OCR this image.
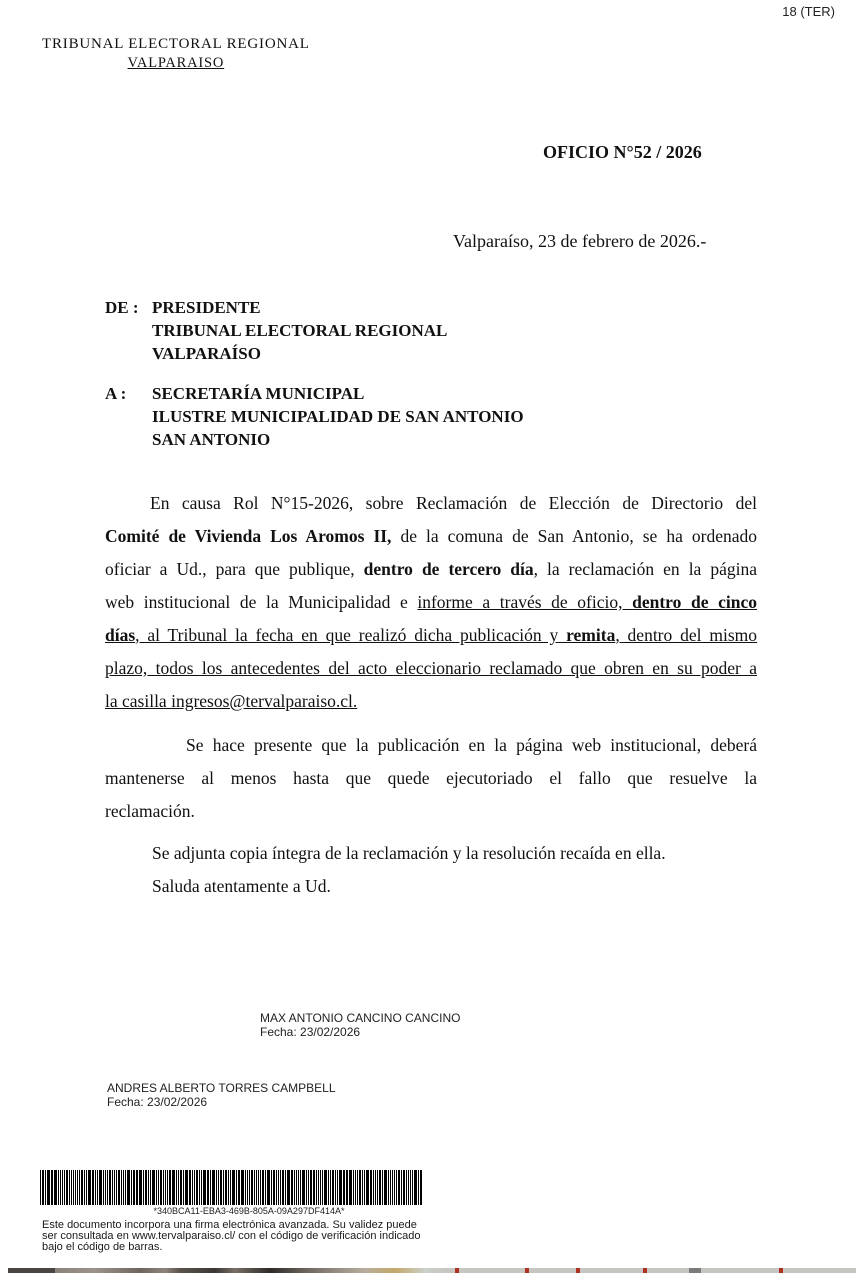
18 (TER)
TRIBUNAL ELECTORAL REGIONAL
VALPARAISO
OFICIO N°52 / 2026
Valparaíso, 23 de febrero de 2026.-
DE : PRESIDENTE
TRIBUNAL ELECTORAL REGIONAL
VALPARAÍSO
A : SECRETARÍA MUNICIPAL
ILUSTRE MUNICIPALIDAD DE SAN ANTONIO
SAN ANTONIO
En causa Rol N°15-2026, sobre Reclamación de Elección de Directorio del
Comité de Vivienda Los Aromos II, de la comuna de San Antonio, se ha ordenado
oficiar a Ud., para que publique, dentro de tercero día, la reclamación en la página
web institucional de la Municipalidad e informe a través de oficio, dentro de cinco
días, al Tribunal la fecha en que realizó dicha publicación y remita, dentro del mismo
plazo, todos los antecedentes del acto eleccionario reclamado que obren en su poder a
la casilla ingresos@tervalparaiso.cl.
Se hace presente que la publicación en la página web institucional, deberá
mantenerse al menos hasta que quede ejecutoriado el fallo que resuelve la
reclamación.
Se adjunta copia íntegra de la reclamación y la resolución recaída en ella.
Saluda atentamente a Ud.
MAX ANTONIO CANCINO CANCINO
Fecha: 23/02/2026
ANDRES ALBERTO TORRES CAMPBELL
Fecha: 23/02/2026
*340BCA11-EBA3-469B-805A-09A297DF414A*
Este documento incorpora una firma electrónica avanzada. Su validez puede
ser consultada en www.tervalparaiso.cl/ con el código de verificación indicado
bajo el código de barras.
